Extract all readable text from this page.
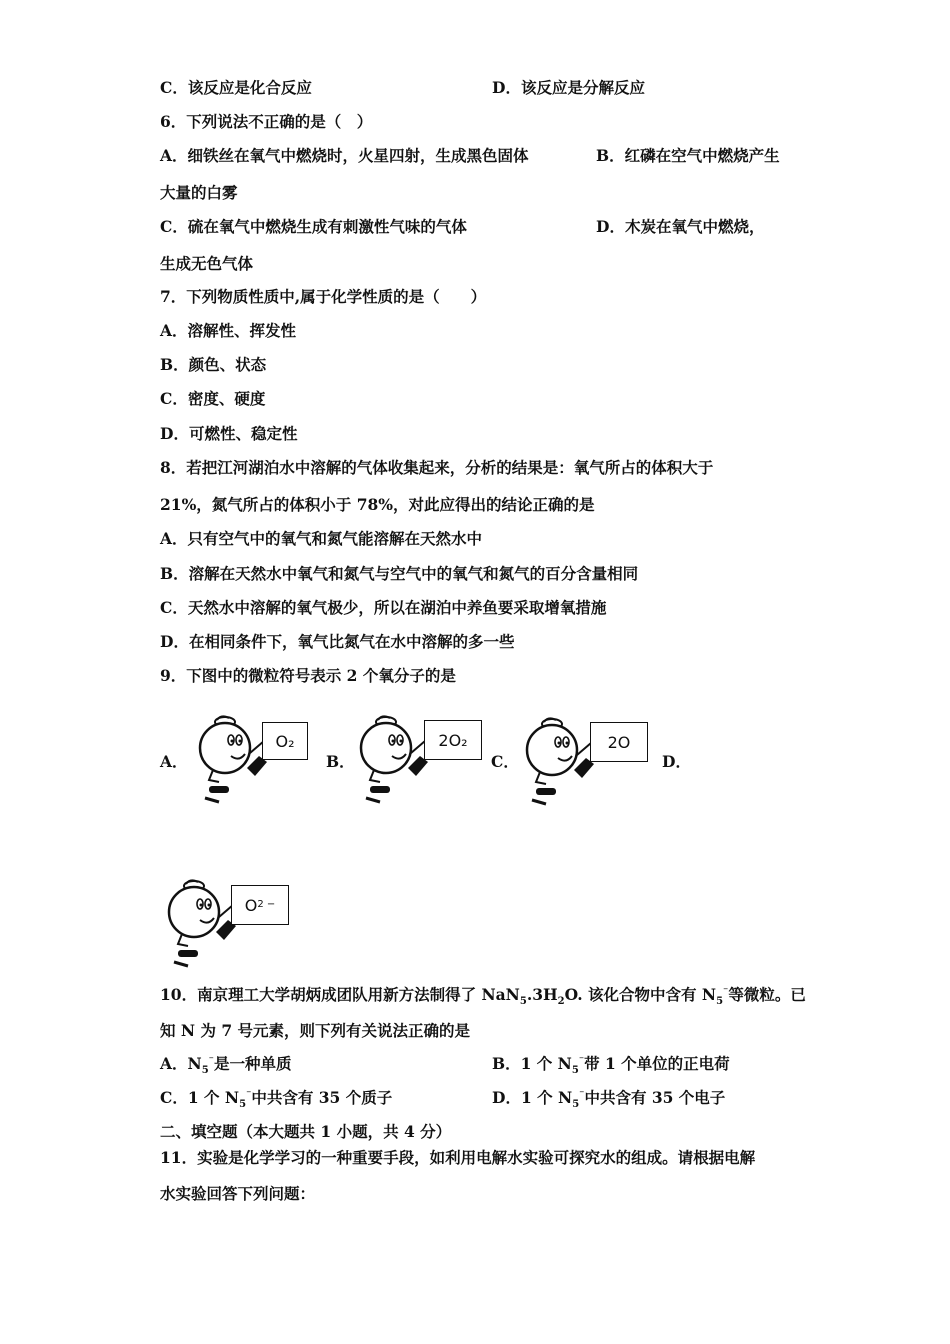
C．该反应是化合反应	D．该反应是分解反应
6．下列说法不正确的是（　）
A．细铁丝在氧气中燃烧时，火星四射，生成黑色固体	B．红磷在空气中燃烧产生
大量的白雾
C．硫在氧气中燃烧生成有刺激性气味的气体	D．木炭在氧气中燃烧，
生成无色气体
7．下列物质性质中,属于化学性质的是（　　）
A．溶解性、挥发性
B．颜色、状态
C．密度、硬度
D．可燃性、稳定性
8．若把江河湖泊水中溶解的气体收集起来，分析的结果是：氧气所占的体积大于
21%，氮气所占的体积小于 78%，对此应得出的结论正确的是
A．只有空气中的氧气和氮气能溶解在天然水中
B．溶解在天然水中氧气和氮气与空气中的氧气和氮气的百分含量相同
C．天然水中溶解的氧气极少，所以在湖泊中养鱼要采取增氧措施
D．在相同条件下，氧气比氮气在水中溶解的多一些
9．下图中的微粒符号表示 2 个氧分子的是
A．	B．	C．	D．
O₂	2O₂	2O
O 2 −
10．南京理工大学胡炳成团队用新方法制得了 $NaN_5.3H_2O$. 该化合物中含有 $N_5^{^-}$等微粒。已
知 N 为 7 号元素，则下列有关说法正确的是
A．$N_5^{^-}$是一种单质	B．1 个 $N_5^{^-}$带 1 个单位的正电荷
C．1 个 $N_5^{^-}$中共含有 35 个质子	D．1 个 $N_5^{^-}$中共含有 35 个电子
二、填空题（本大题共 1 小题，共 4 分）
11．实验是化学学习的一种重要手段，如利用电解水实验可探究水的组成。请根据电解
水实验回答下列问题：
